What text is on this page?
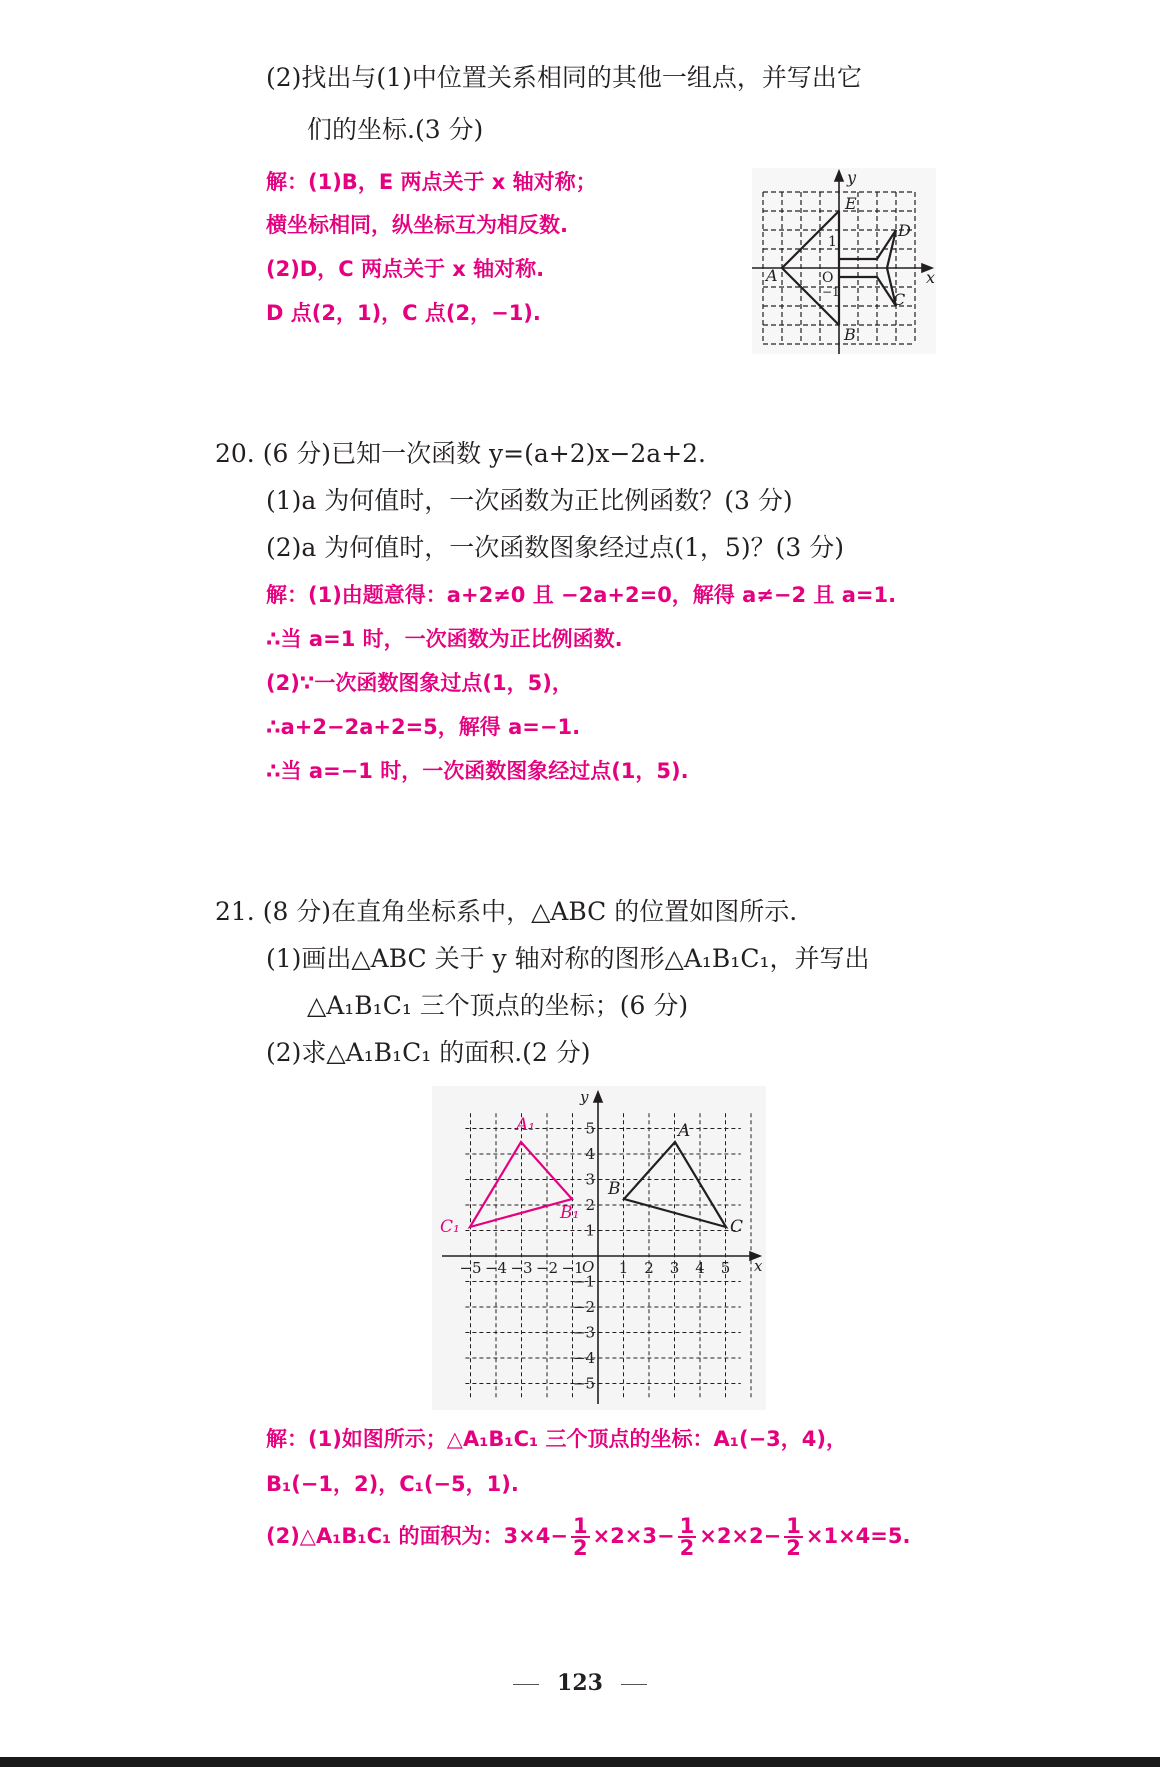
(2)找出与(1)中位置关系相同的其他一组点，并写出它
们的坐标.(3 分)
解：(1)B，E 两点关于 x 轴对称；
横坐标相同，纵坐标互为相反数.
(2)D，C 两点关于 x 轴对称.
D 点(2，1)，C 点(2，−1).
y
x
E
D
A
C
B
O
1
−1
20. (6 分)已知一次函数 y=(a+2)x−2a+2.
(1)a 为何值时，一次函数为正比例函数？(3 分)
(2)a 为何值时，一次函数图象经过点(1，5)？(3 分)
解：(1)由题意得：a+2≠0 且 −2a+2=0，解得 a≠−2 且 a=1.
∴当 a=1 时，一次函数为正比例函数.
(2)∵一次函数图象过点(1，5)，
∴a+2−2a+2=5，解得 a=−1.
∴当 a=−1 时，一次函数图象经过点(1，5).
21. (8 分)在直角坐标系中，△ABC 的位置如图所示.
(1)画出△ABC 关于 y 轴对称的图形△A₁B₁C₁，并写出
△A₁B₁C₁ 三个顶点的坐标；(6 分)
(2)求△A₁B₁C₁ 的面积.(2 分)
y
x
O
−5 −4 −3 −2 −1 1 2 3 4 5
5
4
3
2
1
−1
−2
−3
−4
−5
A
B
C
A₁
B₁
C₁
解：(1)如图所示；△A₁B₁C₁ 三个顶点的坐标：A₁(−3，4)，
B₁(−1，2)，C₁(−5，1).
(2)△A₁B₁C₁ 的面积为：$3\times 4- \frac{1}{2} \times 2\times 3- \frac{1}{2} \times 2\times 2- \frac{1}{2} \times 1\times 4=5$.
123
